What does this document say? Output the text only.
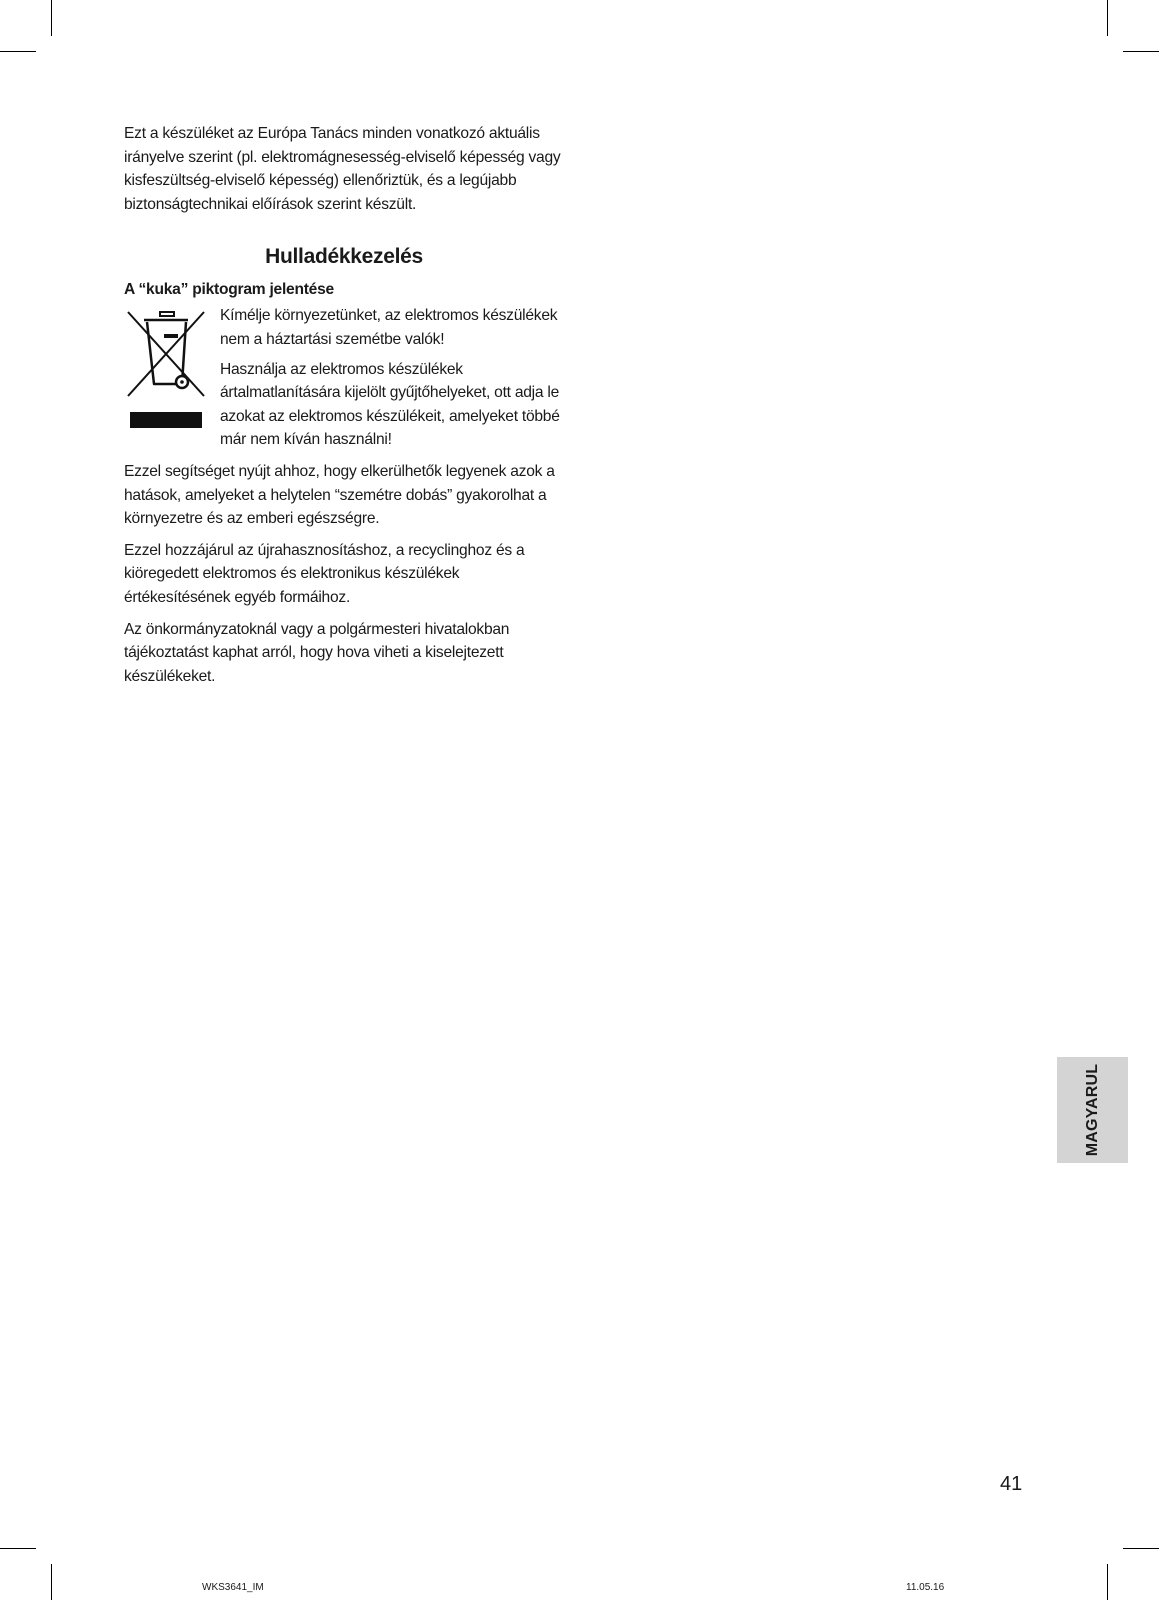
Ezt a készüléket az Európa Tanács minden vonatkozó aktuális irányelve szerint (pl. elektromágnesesség-elviselő képesség vagy kisfeszültség-elviselő képesség) ellenőriztük, és a legújabb biztonságtechnikai előírások szerint készült.

Hulladékkezelés
A “kuka” piktogram jelentése

Kímélje környezetünket, az elektromos készülékek nem a háztartási szemétbe valók!

Használja az elektromos készülékek ártalmatlanítására kijelölt gyűjtőhelyeket, ott adja le azokat az elektromos készülékeit, amelyeket többé már nem kíván használni!

Ezzel segítséget nyújt ahhoz, hogy elkerülhetők legyenek azok a hatások, amelyeket a helytelen “szemétre dobás” gyakorolhat a környezetre és az emberi egészségre.

Ezzel hozzájárul az újrahasznosításhoz, a recyclinghoz és a kiöregedett elektromos és elektronikus készülékek értékesítésének egyéb formáihoz.

Az önkormányzatoknál vagy a polgármesteri hivatalokban tájékoztatást kaphat arról, hogy hova viheti a kiselejtezett készülékeket.

MAGYARUL
41
WKS3641_IM	11.05.16
